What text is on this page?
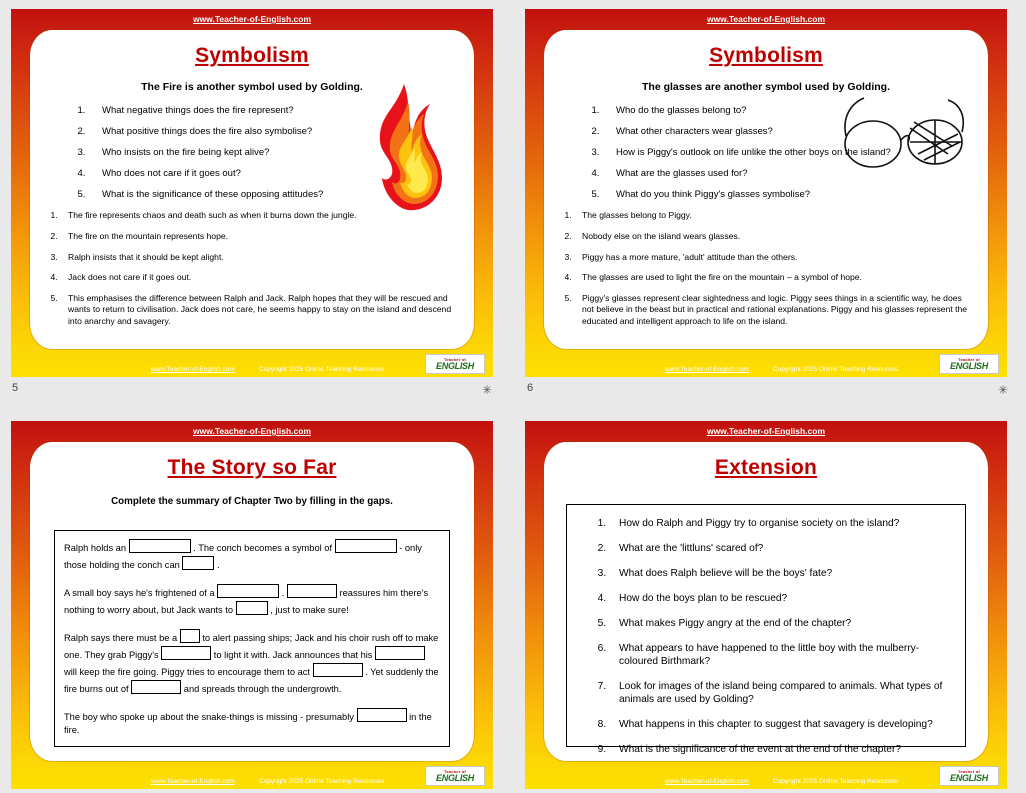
www.Teacher-of-English.com
Symbolism
The Fire is another symbol used by Golding.
1. What negative things does the fire represent?
2. What positive things does the fire also symbolise?
3. Who insists on the fire being kept alive?
4. Who does not care if it goes out?
5. What is the significance of these opposing attitudes?
1. The fire represents chaos and death such as when it burns down the jungle.
2. The fire on the mountain represents hope.
3. Ralph insists that it should be kept alight.
4. Jack does not care if it goes out.
5. This emphasises the difference between Ralph and Jack. Ralph hopes that they will be rescued and wants to return to civilisation. Jack does not care, he seems happy to stay on the island and descend into anarchy and savagery.
www.Teacher-of-English.com	Copyright 2025 Online Teaching Resources
Teacher of
ENGLISH
www.Teacher-of-English.com
Symbolism
The glasses are another symbol used by Golding.
1. Who do the glasses belong to?
2. What other characters wear glasses?
3. How is Piggy's outlook on life unlike the other boys on the island?
4. What are the glasses used for?
5. What do you think Piggy's glasses symbolise?
1. The glasses belong to Piggy.
2. Nobody else on the island wears glasses.
3. Piggy has a more mature, 'adult' attitude than the others.
4. The glasses are used to light the fire on the mountain – a symbol of hope.
5. Piggy's glasses represent clear sightedness and logic. Piggy sees things in a scientific way, he does not believe in the beast but in practical and rational explanations. Piggy and his glasses represent the educated and intelligent approach to life on the island.
www.Teacher-of-English.com	Copyright 2025 Online Teaching Resources
Teacher of
ENGLISH
www.Teacher-of-English.com
The Story so Far
Complete the summary of Chapter Two by filling in the gaps.

Ralph holds an	. The conch becomes a symbol of	- only those holding the conch can	.

A small boy says he's frightened of a	.	reassures him there's nothing to worry about, but Jack wants to	, just to make sure!

Ralph says there must be a  to alert passing ships; Jack and his choir rush off to make one. They grab Piggy's	to light it with. Jack announces that his  will keep the fire going. Piggy tries to encourage them to act	. Yet suddenly the fire burns out of	and spreads through the undergrowth.

The boy who spoke up about the snake-things is missing - presumably	in the fire.

www.Teacher-of-English.com	Copyright 2025 Online Teaching Resources
Teacher of
ENGLISH
www.Teacher-of-English.com
Extension
1. How do Ralph and Piggy try to organise society on the island?
2. What are the 'littluns' scared of?
3. What does Ralph believe will be the boys' fate?
4. How do the boys plan to be rescued?
5. What makes Piggy angry at the end of the chapter?
6. What appears to have happened to the little boy with the mulberry-coloured Birthmark?
7. Look for images of the island being compared to animals. What types of animals are used by Golding?
8. What happens in this chapter to suggest that savagery is developing?
9. What is the significance of the event at the end of the chapter?
www.Teacher-of-English.com	Copyright 2025 Online Teaching Resources
Teacher of
ENGLISH
5	✳	6	✳
